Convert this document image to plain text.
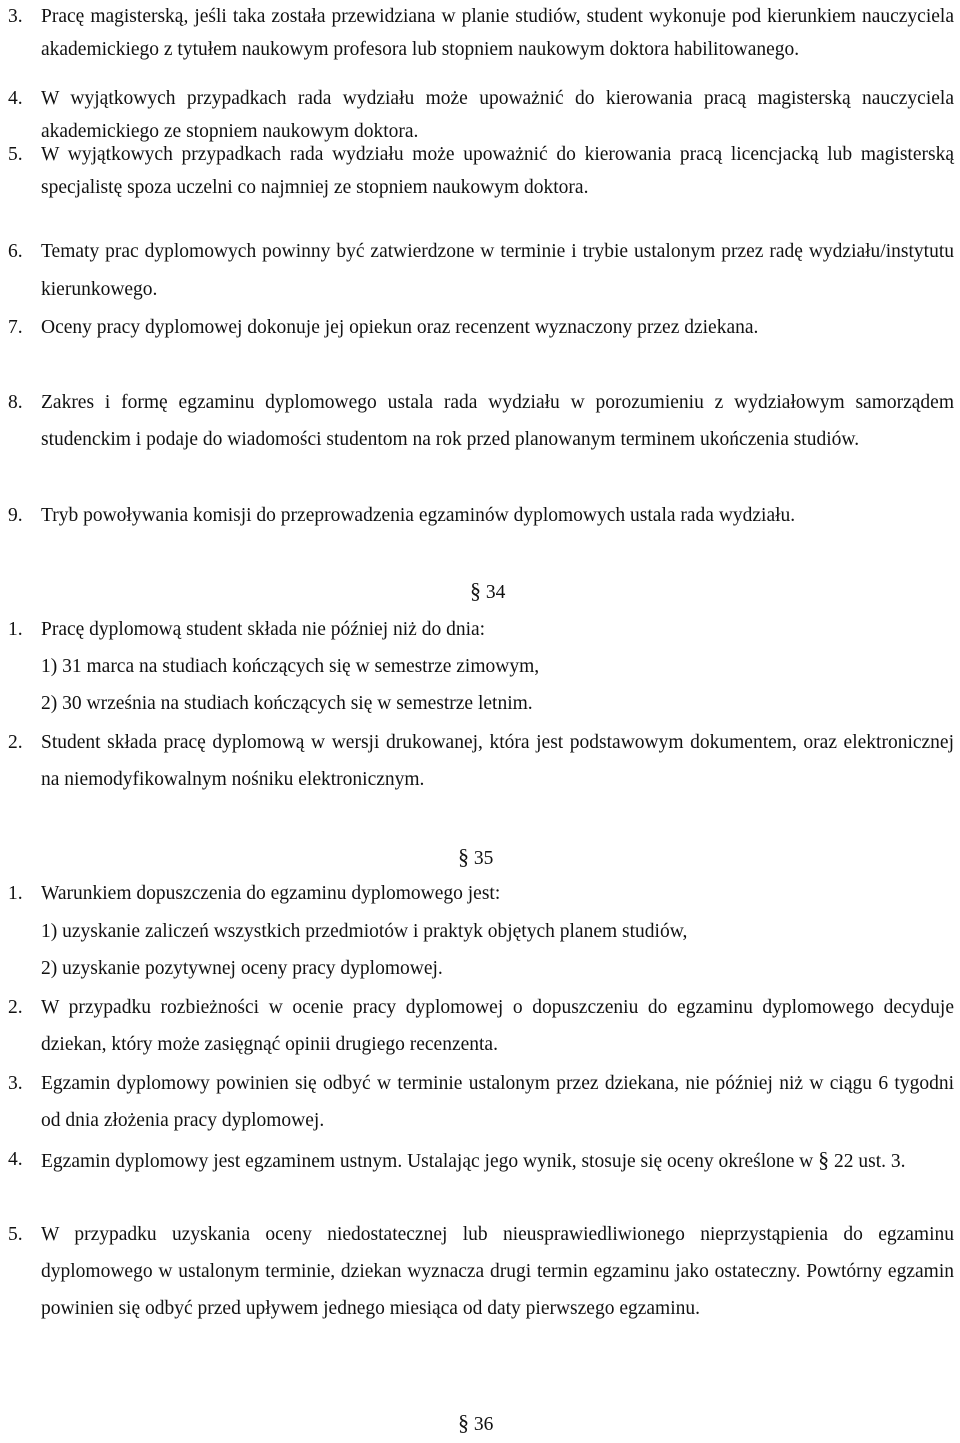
3. Pracę magisterską, jeśli taka została przewidziana w planie studiów, student wykonuje pod kierunkiem nauczyciela akademickiego z tytułem naukowym profesora lub stopniem naukowym doktora habilitowanego.
4. W wyjątkowych przypadkach rada wydziału może upoważnić do kierowania pracą magisterską nauczyciela akademickiego ze stopniem naukowym doktora.
5. W wyjątkowych przypadkach rada wydziału może upoważnić do kierowania pracą licencjacką lub magisterską specjalistę spoza uczelni co najmniej ze stopniem naukowym doktora.
6. Tematy prac dyplomowych powinny być zatwierdzone w terminie i trybie ustalonym przez radę wydziału/instytutu kierunkowego.
7. Oceny pracy dyplomowej dokonuje jej opiekun oraz recenzent wyznaczony przez dziekana.
8. Zakres i formę egzaminu dyplomowego ustala rada wydziału w porozumieniu z wydziałowym samorządem studenckim i podaje do wiadomości studentom na rok przed planowanym terminem ukończenia studiów.
9. Tryb powoływania komisji do przeprowadzenia egzaminów dyplomowych ustala rada wydziału.
§ 34
1. Pracę dyplomową student składa nie później niż do dnia:
1) 31 marca na studiach kończących się w semestrze zimowym,
2) 30 września na studiach kończących się w semestrze letnim.
2. Student składa pracę dyplomową w wersji drukowanej, która jest podstawowym dokumentem, oraz elektronicznej na niemodyfikowalnym nośniku elektronicznym.
§ 35
1. Warunkiem dopuszczenia do egzaminu dyplomowego jest:
1) uzyskanie zaliczeń wszystkich przedmiotów i praktyk objętych planem studiów,
2) uzyskanie pozytywnej oceny pracy dyplomowej.
2. W przypadku rozbieżności w ocenie pracy dyplomowej o dopuszczeniu do egzaminu dyplomowego decyduje dziekan, który może zasięgnąć opinii drugiego recenzenta.
3. Egzamin dyplomowy powinien się odbyć w terminie ustalonym przez dziekana, nie później niż w ciągu 6 tygodni od dnia złożenia pracy dyplomowej.
4. Egzamin dyplomowy jest egzaminem ustnym. Ustalając jego wynik, stosuje się oceny określone w § 22 ust. 3.
5. W przypadku uzyskania oceny niedostatecznej lub nieusprawiedliwionego nieprzystąpienia do egzaminu dyplomowego w ustalonym terminie, dziekan wyznacza drugi termin egzaminu jako ostateczny. Powtórny egzamin powinien się odbyć przed upływem jednego miesiąca od daty pierwszego egzaminu.
§ 36
